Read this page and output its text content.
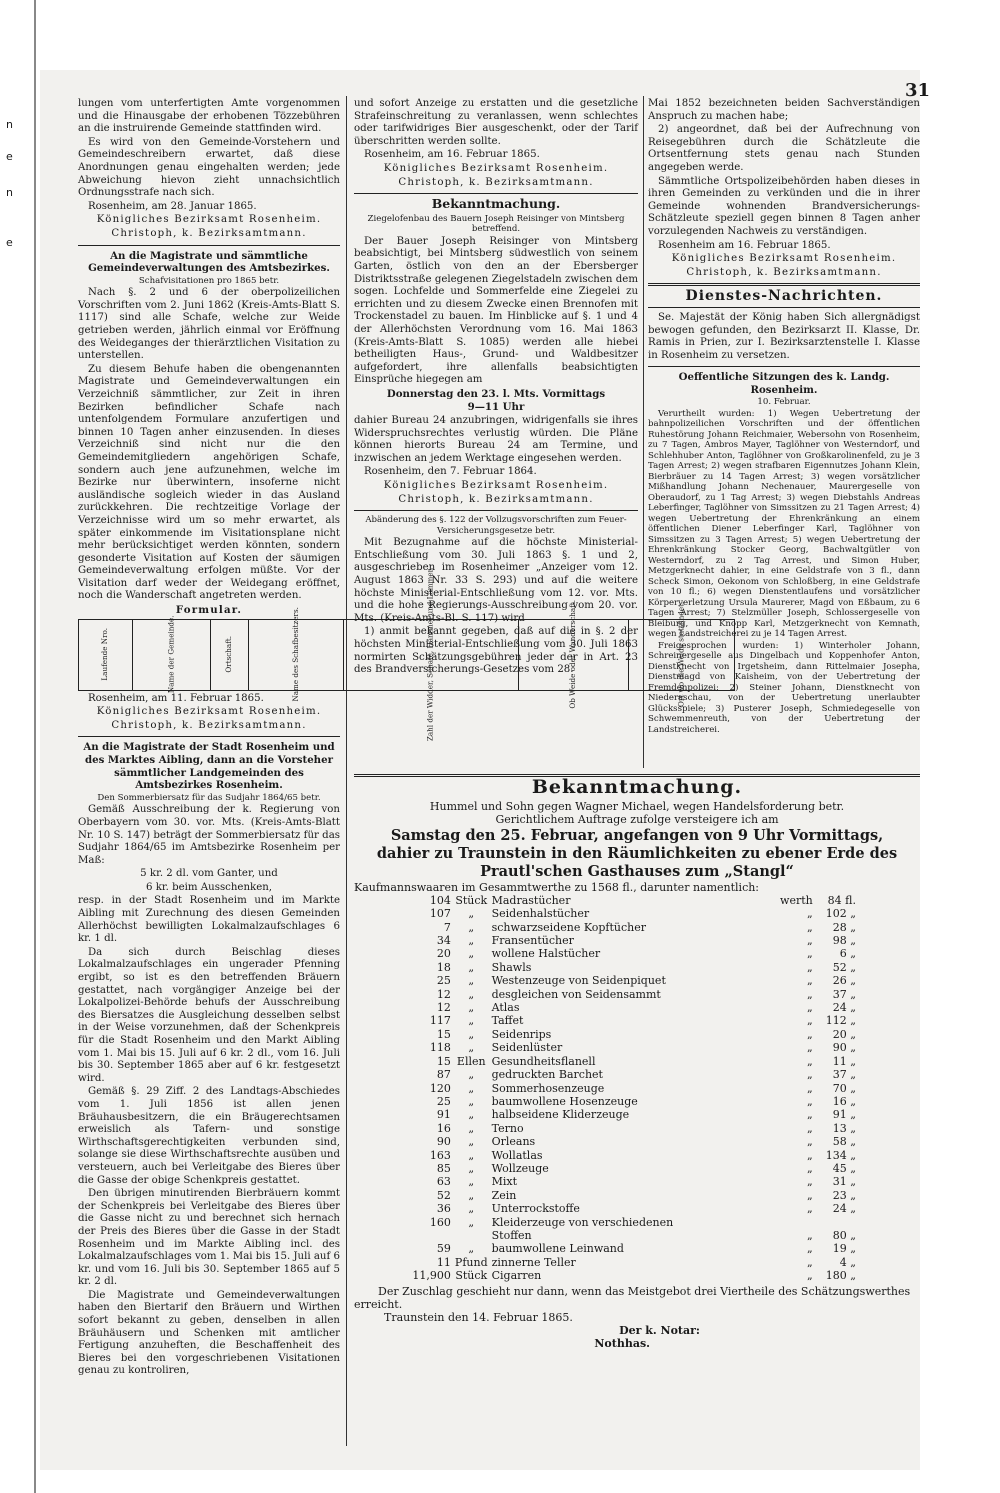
n
e
n
e
31

lungen vom unterfertigten Amte vorgenommen und die Hinausgabe der erhobenen Tözzebühren an die instruirende Gemeinde stattfinden wird.

Es wird von den Gemeinde-Vorstehern und Gemeindeschreibern erwartet, daß diese Anordnungen genau eingehalten werden; jede Abweichung hievon zieht unnachsichtlich Ordnungsstrafe nach sich.

Rosenheim, am 28. Januar 1865.

Königliches Bezirksamt Rosenheim.

Christoph, k. Bezirksamtmann.

An die Magistrate und sämmtliche Gemeindeverwaltungen des Amtsbezirkes.

Schafvisitationen pro 1865 betr.

Nach §. 2 und 6 der oberpolizeilichen Vorschriften vom 2. Juni 1862 (Kreis-Amts-Blatt S. 1117) sind alle Schafe, welche zur Weide getrieben werden, jährlich einmal vor Eröffnung des Weideganges der thierärztlichen Visitation zu unterstellen.

Zu diesem Behufe haben die obengenannten Magistrate und Gemeindeverwaltungen ein Verzeichniß sämmtlicher, zur Zeit in ihren Bezirken befindlicher Schafe nach untenfolgendem Formulare anzufertigen und binnen 10 Tagen anher einzusenden. In dieses Verzeichniß sind nicht nur die den Gemeindemitgliedern angehörigen Schafe, sondern auch jene aufzunehmen, welche im Bezirke nur überwintern, insoferne nicht ausländische sogleich wieder in das Ausland zurückkehren. Die rechtzeitige Vorlage der Verzeichnisse wird um so mehr erwartet, als später einkommende im Visitationsplane nicht mehr berücksichtiget werden könnten, sondern gesonderte Visitation auf Kosten der säumigen Gemeindeverwaltung erfolgen müßte. Vor der Visitation darf weder der Weidegang eröffnet, noch die Wanderschaft angetreten werden.

Formular.

Laufende Nro.	Name der Gemeinde.	Ortschaft.	Name des Schafbesitzers.	Zahl der Widder, Schafe, Hämmel und Lämmer.	Ob Weide oder Wanderschaft.	Ort wo die Weide stattfindet.

Rosenheim, am 11. Februar 1865.

Königliches Bezirksamt Rosenheim.

Christoph, k. Bezirksamtmann.

An die Magistrate der Stadt Rosenheim und des Marktes Aibling, dann an die Vorsteher sämmtlicher Landgemeinden des Amtsbezirkes Rosenheim.

Den Sommerbiersatz für das Sudjahr 1864/65 betr.

Gemäß Ausschreibung der k. Regierung von Oberbayern vom 30. vor. Mts. (Kreis-Amts-Blatt Nr. 10 S. 147) beträgt der Sommerbiersatz für das Sudjahr 1864/65 im Amtsbezirke Rosenheim per Maß:

5 kr. 2 dl. vom Ganter, und

6 kr. beim Ausschenken,

resp. in der Stadt Rosenheim und im Markte Aibling mit Zurechnung des diesen Gemeinden Allerhöchst bewilligten Lokalmalzaufschlages 6 kr. 1 dl.

Da sich durch Beischlag dieses Lokalmalzaufschlages ein ungerader Pfenning ergibt, so ist es den betreffenden Bräuern gestattet, nach vorgängiger Anzeige bei der Lokalpolizei-Behörde behufs der Ausschreibung des Biersatzes die Ausgleichung desselben selbst in der Weise vorzunehmen, daß der Schenkpreis für die Stadt Rosenheim und den Markt Aibling vom 1. Mai bis 15. Juli auf 6 kr. 2 dl., vom 16. Juli bis 30. September 1865 aber auf 6 kr. festgesetzt wird.

Gemäß §. 29 Ziff. 2 des Landtags-Abschiedes vom 1. Juli 1856 ist allen jenen Bräuhausbesitzern, die ein Bräugerechtsamen erweislich als Tafern- und sonstige Wirthschaftsgerechtigkeiten verbunden sind, solange sie diese Wirthschaftsrechte ausüben und versteuern, auch bei Verleitgabe des Bieres über die Gasse der obige Schenkpreis gestattet.

Den übrigen minutirenden Bierbräuern kommt der Schenkpreis bei Verleitgabe des Bieres über die Gasse nicht zu und berechnet sich hernach der Preis des Bieres über die Gasse in der Stadt Rosenheim und im Markte Aibling incl. des Lokalmalzaufschlages vom 1. Mai bis 15. Juli auf 6 kr. und vom 16. Juli bis 30. September 1865 auf 5 kr. 2 dl.

Die Magistrate und Gemeindeverwaltungen haben den Biertarif den Bräuern und Wirthen sofort bekannt zu geben, denselben in allen Bräuhäusern und Schenken mit amtlicher Fertigung anzuheften, die Beschaffenheit des Bieres bei den vorgeschriebenen Visitationen genau zu kontroliren,

und sofort Anzeige zu erstatten und die gesetzliche Strafeinschreitung zu veranlassen, wenn schlechtes oder tarifwidriges Bier ausgeschenkt, oder der Tarif überschritten werden sollte.

Rosenheim, am 16. Februar 1865.

Königliches Bezirksamt Rosenheim.

Christoph, k. Bezirksamtmann.

Bekanntmachung.

Ziegelofenbau des Bauern Joseph Reisinger von Mintsberg betreffend.

Der Bauer Joseph Reisinger von Mintsberg beabsichtigt, bei Mintsberg südwestlich von seinem Garten, östlich von den an der Ebersberger Distriktsstraße gelegenen Ziegelstadeln zwischen dem sogen. Lochfelde und Sommerfelde eine Ziegelei zu errichten und zu diesem Zwecke einen Brennofen mit Trockenstadel zu bauen. Im Hinblicke auf §. 1 und 4 der Allerhöchsten Verordnung vom 16. Mai 1863 (Kreis-Amts-Blatt S. 1085) werden alle hiebei betheiligten Haus-, Grund- und Waldbesitzer aufgefordert, ihre allenfalls beabsichtigten Einsprüche hiegegen am

Donnerstag den 23. l. Mts. Vormittags

9—11 Uhr

dahier Bureau 24 anzubringen, widrigenfalls sie ihres Widerspruchsrechtes verlustig würden. Die Pläne können hierorts Bureau 24 am Termine, und inzwischen an jedem Werktage eingesehen werden.

Rosenheim, den 7. Februar 1864.

Königliches Bezirksamt Rosenheim.

Christoph, k. Bezirksamtmann.

Abänderung des §. 122 der Vollzugsvorschriften zum Feuer-Versicherungsgesetze betr.

Mit Bezugnahme auf die höchste Ministerial-Entschließung vom 30. Juli 1863 §. 1 und 2, ausgeschrieben im Rosenheimer „Anzeiger vom 12. August 1863 Nr. 33 S. 293) und auf die weitere höchste Ministerial-Entschließung vom 12. vor. Mts. und die hohe Regierungs-Ausschreibung vom 20. vor. Mts. (Kreis-Amts-Bl. S. 117) wird

1) anmit bekannt gegeben, daß auf die in §. 2 der höchsten Ministerial-Entschließung vom 30. Juli 1863 normirten Schätzungsgebühren jeder der in Art. 23 des Brandversicherungs-Gesetzes vom 28.

Mai 1852 bezeichneten beiden Sachverständigen Anspruch zu machen habe;

2) angeordnet, daß bei der Aufrechnung von Reisegebühren durch die Schätzleute die Ortsentfernung stets genau nach Stunden angegeben werde.

Sämmtliche Ortspolizeibehörden haben dieses in ihren Gemeinden zu verkünden und die in ihrer Gemeinde wohnenden Brandversicherungs-Schätzleute speziell gegen binnen 8 Tagen anher vorzulegenden Nachweis zu verständigen.

Rosenheim am 16. Februar 1865.

Königliches Bezirksamt Rosenheim.

Christoph, k. Bezirksamtmann.

Dienstes-Nachrichten.

Se. Majestät der König haben Sich allergnädigst bewogen gefunden, den Bezirksarzt II. Klasse, Dr. Ramis in Prien, zur I. Bezirksarztenstelle I. Klasse in Rosenheim zu versetzen.

Oeffentliche Sitzungen des k. Landg. Rosenheim.

10. Februar.

Verurtheilt wurden: 1) Wegen Uebertretung der bahnpolizeilichen Vorschriften und der öffentlichen Ruhestörung Johann Reichmaier, Webersohn von Rosenheim, zu 7 Tagen, Ambros Mayer, Taglöhner von Westerndorf, und Schlehhuber Anton, Taglöhner von Großkarolinenfeld, zu je 3 Tagen Arrest; 2) wegen strafbaren Eigennutzes Johann Klein, Bierbräuer zu 14 Tagen Arrest; 3) wegen vorsätzlicher Mißhandlung Johann Nechenauer, Maurergeselle von Oberaudorf, zu 1 Tag Arrest; 3) wegen Diebstahls Andreas Leberfinger, Taglöhner von Simssitzen zu 21 Tagen Arrest; 4) wegen Uebertretung der Ehrenkränkung an einem öffentlichen Diener Leberfinger Karl, Taglöhner von Simssitzen zu 3 Tagen Arrest; 5) wegen Uebertretung der Ehrenkränkung Stocker Georg, Bachwaltgütler von Westerndorf, zu 2 Tag Arrest, und Simon Huber, Metzgerknecht dahier, in eine Geldstrafe von 3 fl., dann Scheck Simon, Oekonom von Schloßberg, in eine Geldstrafe von 10 fl.; 6) wegen Dienstentlaufens und vorsätzlicher Körperverletzung Ursula Maurerer, Magd von Eßbaum, zu 6 Tagen Arrest; 7) Stelzmüller Joseph, Schlossergeselle von Bleiburg, und Knopp Karl, Metzgerknecht von Kemnath, wegen Landstreicherei zu je 14 Tagen Arrest.

Freigesprochen wurden: 1) Winterholer Johann, Schreinergeselle aus Dingelbach und Koppenhofer Anton, Dienstknecht von Irgetsheim, dann Rittelmaier Josepha, Dienstmagd von Kaisheim, von der Uebertretung der Fremdenpolizei; 2) Steiner Johann, Dienstknecht von Niederaschau, von der Uebertretung unerlaubter Glücksspiele; 3) Pusterer Joseph, Schmiedegeselle von Schwemmenreuth, von der Uebertretung der Landstreicherei.

Bekanntmachung.
Hummel und Sohn gegen Wagner Michael, wegen Handelsforderung betr.
Gerichtlichem Auftrage zufolge versteigere ich am
Samstag den 25. Februar, angefangen von 9 Uhr Vormittags,
dahier zu Traunstein in den Räumlichkeiten zu ebener Erde des
Prautl'schen Gasthauses zum „Stangl“
Kaufmannswaaren im Gesammtwerthe zu 1568 fl., darunter namentlich:
104	Stück	Madrastücher	werth	84 fl.
107	„	Seidenhalstücher	„	102 „
7	„	schwarzseidene Kopftücher	„	28 „
34	„	Fransentücher	„	98 „
20	„	wollene Halstücher	„	6 „
18	„	Shawls	„	52 „
25	„	Westenzeuge von Seidenpiquet	„	26 „
12	„	desgleichen von Seidensammt	„	37 „
12	„	Atlas	„	24 „
117	„	Taffet	„	112 „
15	„	Seidenrips	„	20 „
118	„	Seidenlüster	„	90 „
15	Ellen	Gesundheitsflanell	„	11 „
87	„	gedruckten Barchet	„	37 „
120	„	Sommerhosenzeuge	„	70 „
25	„	baumwollene Hosenzeuge	„	16 „
91	„	halbseidene Kliderzeuge	„	91 „
16	„	Terno	„	13 „
90	„	Orleans	„	58 „
163	„	Wollatlas	„	134 „
85	„	Wollzeuge	„	45 „
63	„	Mixt	„	31 „
52	„	Zein	„	23 „
36	„	Unterrockstoffe	„	24 „
160	„	Kleiderzeuge von verschiedenen		
		Stoffen	„	80 „
59	„	baumwollene Leinwand	„	19 „
11	Pfund	zinnerne Teller	„	4 „
11,900	Stück	Cigarren	„	180 „
Der Zuschlag geschieht nur dann, wenn das Meistgebot drei Viertheile des Schätzungswerthes erreicht.
Traunstein den 14. Februar 1865.
Der k. Notar:
Nothhas.
